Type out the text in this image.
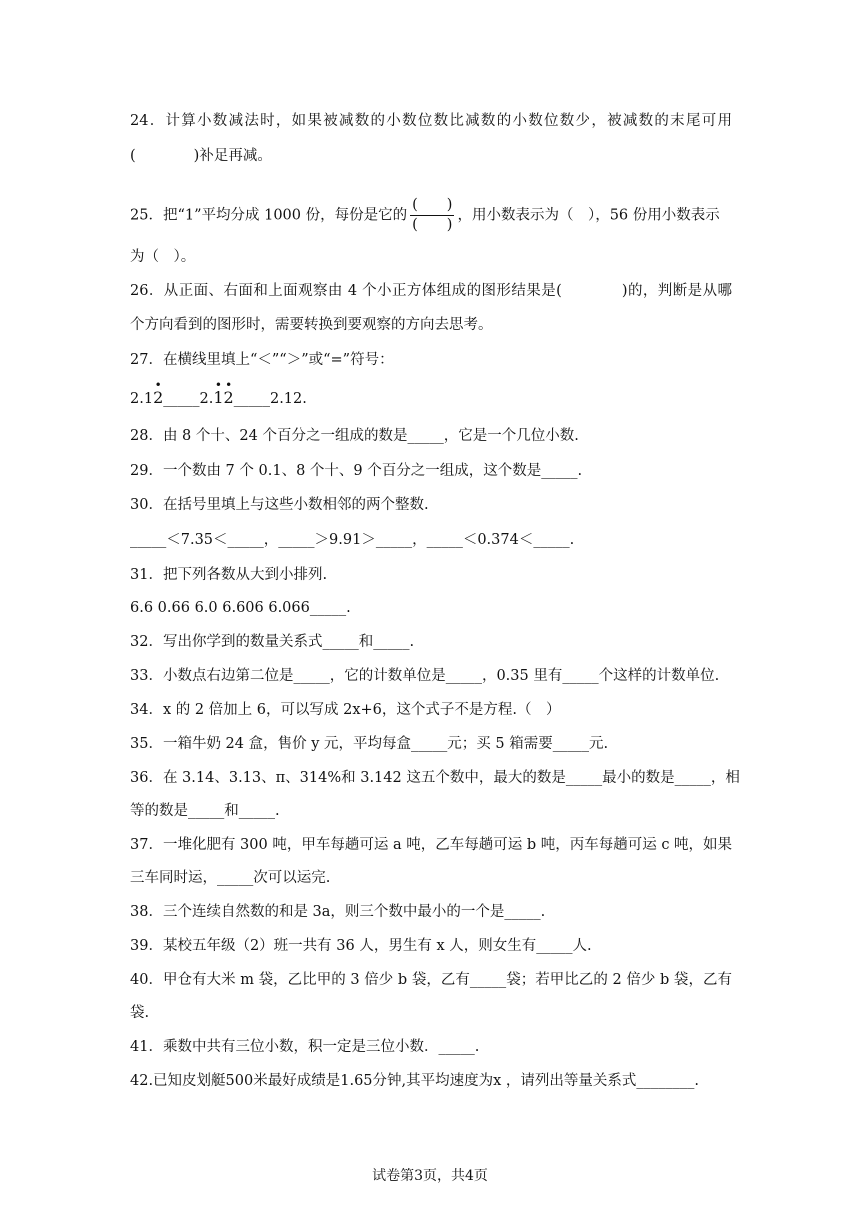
24．计算小数减法时，如果被减数的小数位数比减数的小数位数少，被减数的末尾可用
(　　　　)补足再减。
25．把“1”平均分成 1000 份，每份是它的 $\frac{( )}{( )}$ ，用小数表示为（　），56 份用小数表示
为（　）。
26．从正面、右面和上面观察由 4 个小正方体组成的图形结果是(　　　　)的，判断是从哪
个方向看到的图形时，需要转换到要观察的方向去思考。
27．在横线里填上“＜”“＞”或“=”符号：
2.1
•
2_____2.
•
1
•
2_____2.12.
28．由 8 个十、24 个百分之一组成的数是_____，它是一个几位小数.
29．一个数由 7 个 0.1、8 个十、9 个百分之一组成，这个数是_____.
30．在括号里填上与这些小数相邻的两个整数.
_____＜7.35＜_____，_____＞9.91＞_____，_____＜0.374＜_____.
31．把下列各数从大到小排列.
6.6 0.66 6.0 6.606 6.066_____.
32．写出你学到的数量关系式_____和_____.
33．小数点右边第二位是_____，它的计数单位是_____，0.35 里有_____个这样的计数单位.
34．x 的 2 倍加上 6，可以写成 2x+6，这个式子不是方程.（　）
35．一箱牛奶 24 盒，售价 y 元，平均每盒_____元；买 5 箱需要_____元.
36．在 3.14、3.13、π、314%和 3.142 这五个数中，最大的数是_____最小的数是_____，相
等的数是_____和_____.
37．一堆化肥有 300 吨，甲车每趟可运 a 吨，乙车每趟可运 b 吨，丙车每趟可运 c 吨，如果
三车同时运，_____次可以运完.
38．三个连续自然数的和是 3a，则三个数中最小的一个是_____.
39．某校五年级（2）班一共有 36 人，男生有 x 人，则女生有_____人.
40．甲仓有大米 m 袋，乙比甲的 3 倍少 b 袋，乙有_____袋；若甲比乙的 2 倍少 b 袋，乙有
袋.
41．乘数中共有三位小数，积一定是三位小数．_____.
42.已知皮划艇500米最好成绩是1.65分钟,其平均速度为x ，请列出等量关系式________.
试卷第3页，共4页
